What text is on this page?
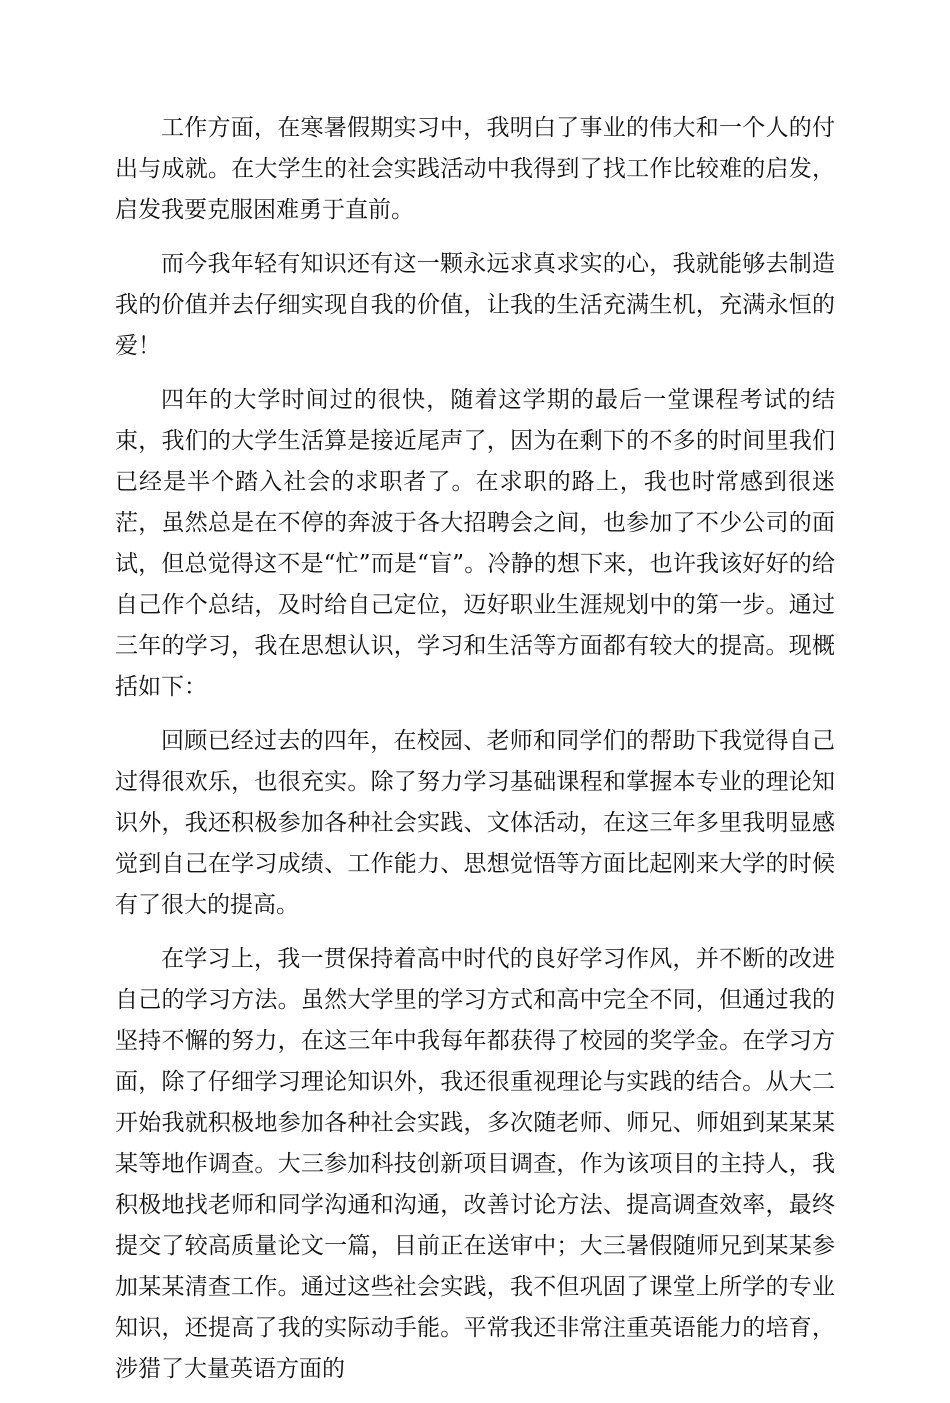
工作方面，在寒暑假期实习中，我明白了事业的伟大和一个人的付出与成就。在大学生的社会实践活动中我得到了找工作比较难的启发，启发我要克服困难勇于直前。

而今我年轻有知识还有这一颗永远求真求实的心，我就能够去制造我的价值并去仔细实现自我的价值，让我的生活充满生机，充满永恒的爱！

四年的大学时间过的很快，随着这学期的最后一堂课程考试的结束，我们的大学生活算是接近尾声了，因为在剩下的不多的时间里我们已经是半个踏入社会的求职者了。在求职的路上，我也时常感到很迷茫，虽然总是在不停的奔波于各大招聘会之间，也参加了不少公司的面试，但总觉得这不是“忙”而是“盲”。冷静的想下来，也许我该好好的给自己作个总结，及时给自己定位，迈好职业生涯规划中的第一步。通过三年的学习，我在思想认识，学习和生活等方面都有较大的提高。现概括如下：

回顾已经过去的四年，在校园、老师和同学们的帮助下我觉得自己过得很欢乐，也很充实。除了努力学习基础课程和掌握本专业的理论知识外，我还积极参加各种社会实践、文体活动，在这三年多里我明显感觉到自己在学习成绩、工作能力、思想觉悟等方面比起刚来大学的时候有了很大的提高。

在学习上，我一贯保持着高中时代的良好学习作风，并不断的改进自己的学习方法。虽然大学里的学习方式和高中完全不同，但通过我的坚持不懈的努力，在这三年中我每年都获得了校园的奖学金。在学习方面，除了仔细学习理论知识外，我还很重视理论与实践的结合。从大二开始我就积极地参加各种社会实践，多次随老师、师兄、师姐到某某某某等地作调查。大三参加科技创新项目调查，作为该项目的主持人，我积极地找老师和同学沟通和沟通，改善讨论方法、提高调查效率，最终提交了较高质量论文一篇，目前正在送审中；大三暑假随师兄到某某参加某某清查工作。通过这些社会实践，我不但巩固了课堂上所学的专业知识，还提高了我的实际动手能。平常我还非常注重英语能力的培育，涉猎了大量英语方面的
